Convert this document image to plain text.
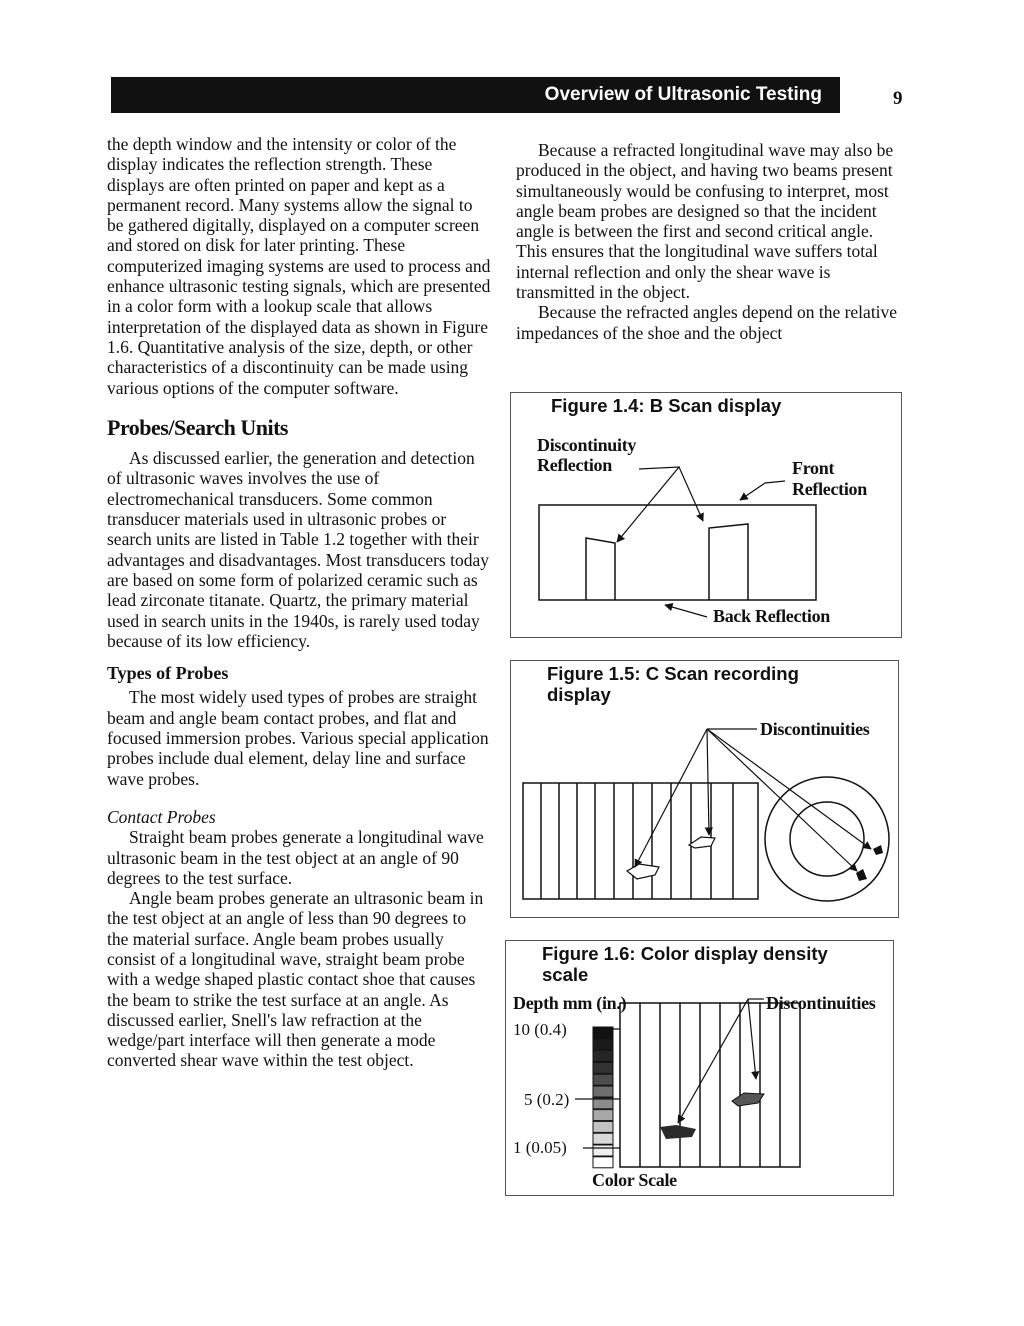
Overview of Ultrasonic Testing	9

the depth window and the intensity or color of the display indicates the reflection strength. These displays are often printed on paper and kept as a permanent record. Many systems allow the signal to be gathered digitally, displayed on a computer screen and stored on disk for later printing. These computerized imaging systems are used to process and enhance ultrasonic testing signals, which are presented in a color form with a lookup scale that allows interpretation of the displayed data as shown in Figure 1.6. Quantitative analysis of the size, depth, or other characteristics of a discontinuity can be made using various options of the computer software.

Probes/Search Units

As discussed earlier, the generation and detection of ultrasonic waves involves the use of electromechanical transducers. Some common transducer materials used in ultrasonic probes or search units are listed in Table 1.2 together with their advantages and disadvantages. Most transducers today are based on some form of polarized ceramic such as lead zirconate titanate. Quartz, the primary material used in search units in the 1940s, is rarely used today because of its low efficiency.

Types of Probes

The most widely used types of probes are straight beam and angle beam contact probes, and flat and focused immersion probes. Various special application probes include dual element, delay line and surface wave probes.

Contact Probes

Straight beam probes generate a longitudinal wave ultrasonic beam in the test object at an angle of 90 degrees to the test surface.

Angle beam probes generate an ultrasonic beam in the test object at an angle of less than 90 degrees to the material surface. Angle beam probes usually consist of a longitudinal wave, straight beam probe with a wedge shaped plastic contact shoe that causes the beam to strike the test surface at an angle. As discussed earlier, Snell's law refraction at the wedge/part interface will then generate a mode converted shear wave within the test object.

Because a refracted longitudinal wave may also be produced in the object, and having two beams present simultaneously would be confusing to interpret, most angle beam probes are designed so that the incident angle is between the first and second critical angle. This ensures that the longitudinal wave suffers total internal reflection and only the shear wave is transmitted in the object.

Because the refracted angles depend on the relative impedances of the shoe and the object

Figure 1.4: B Scan display
Discontinuity
Reflection	Front
Reflection
Back Reflection
Figure 1.5: C Scan recording
display
Discontinuities
Figure 1.6: Color display density
scale
Depth mm (in.)	Discontinuities
10 (0.4)
5 (0.2)
1 (0.05)
Color Scale
